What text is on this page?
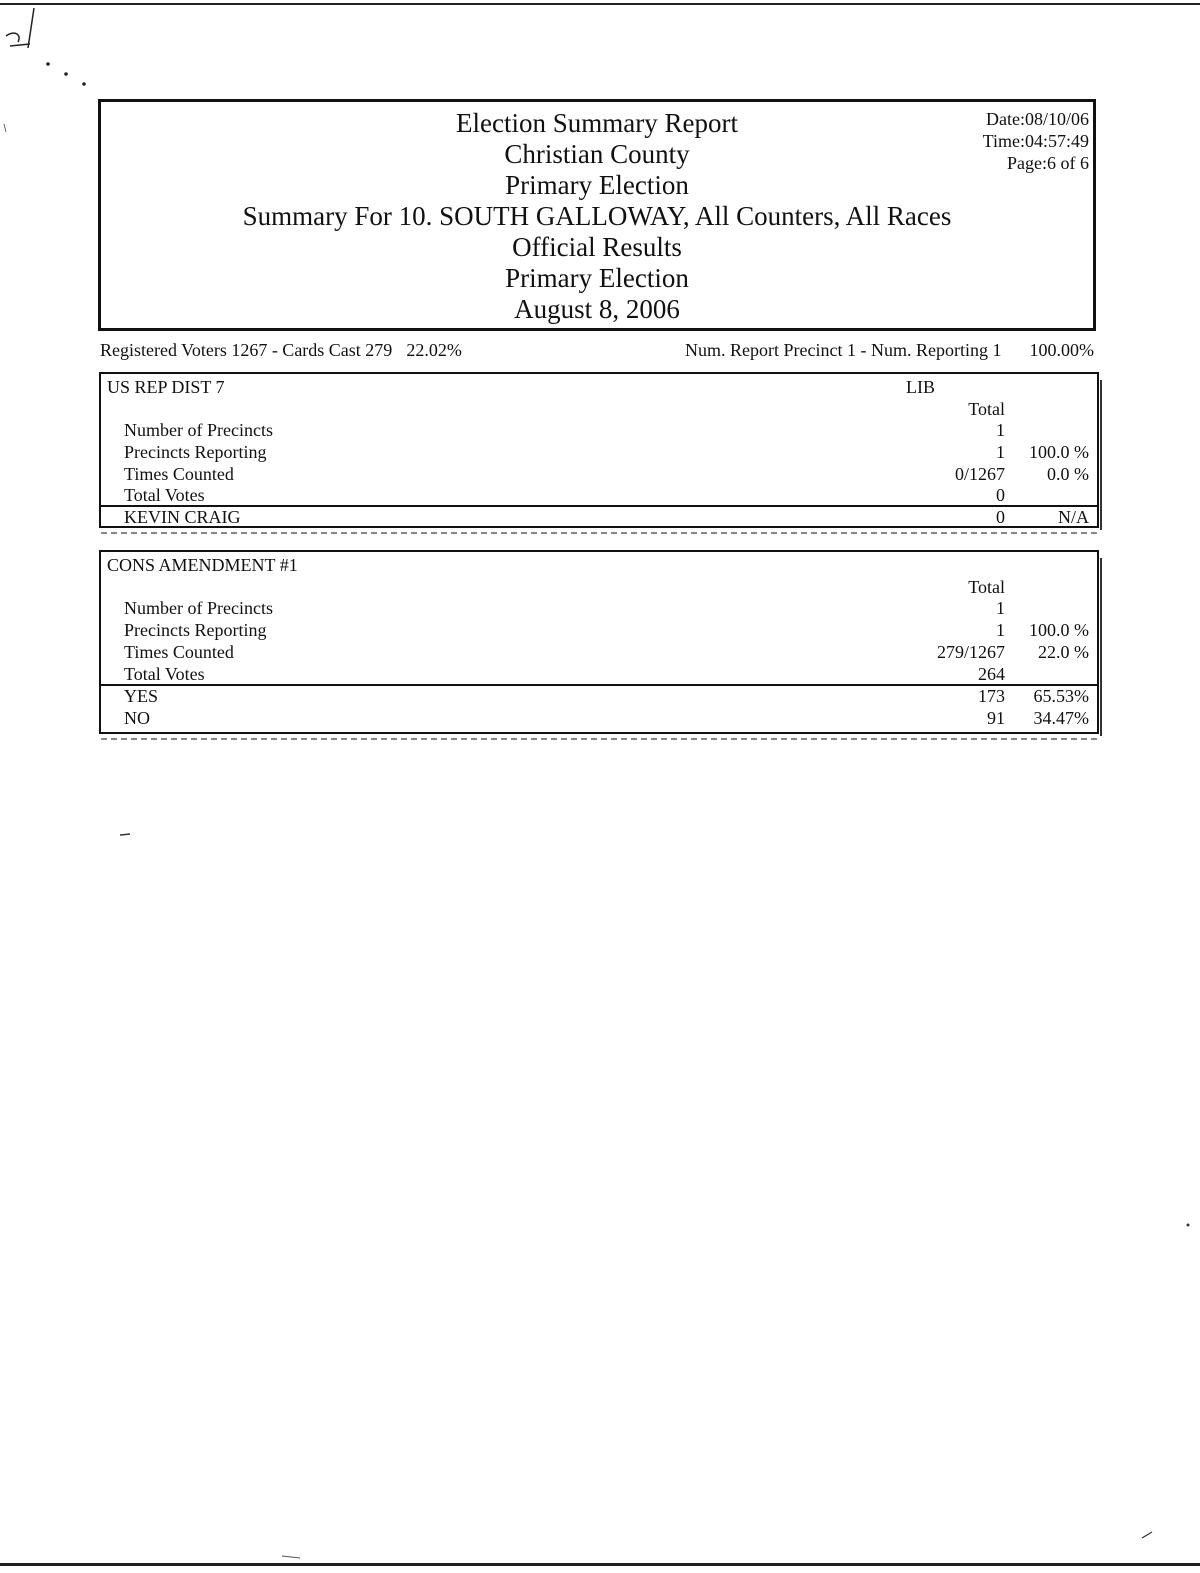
Election Summary Report
Christian County
Primary Election
Summary For 10. SOUTH GALLOWAY, All Counters, All Races
Official Results
Primary Election
August 8, 2006
Date:08/10/06
Time:04:57:49
Page:6 of 6
Registered Voters 1267 - Cards Cast 279 22.02%	Num. Report Precinct 1 - Num. Reporting 1 100.00%
US REP DIST 7	LIB
Total
Number of Precincts	1
Precincts Reporting	1 100.0 %
Times Counted	0/1267 0.0 %
Total Votes	0
KEVIN CRAIG	0	N/A
CONS AMENDMENT #1
Total
Number of Precincts	1
Precincts Reporting	1 100.0 %
Times Counted	279/1267 22.0 %
Total Votes	264
YES	173 65.53%
NO	91 34.47%
